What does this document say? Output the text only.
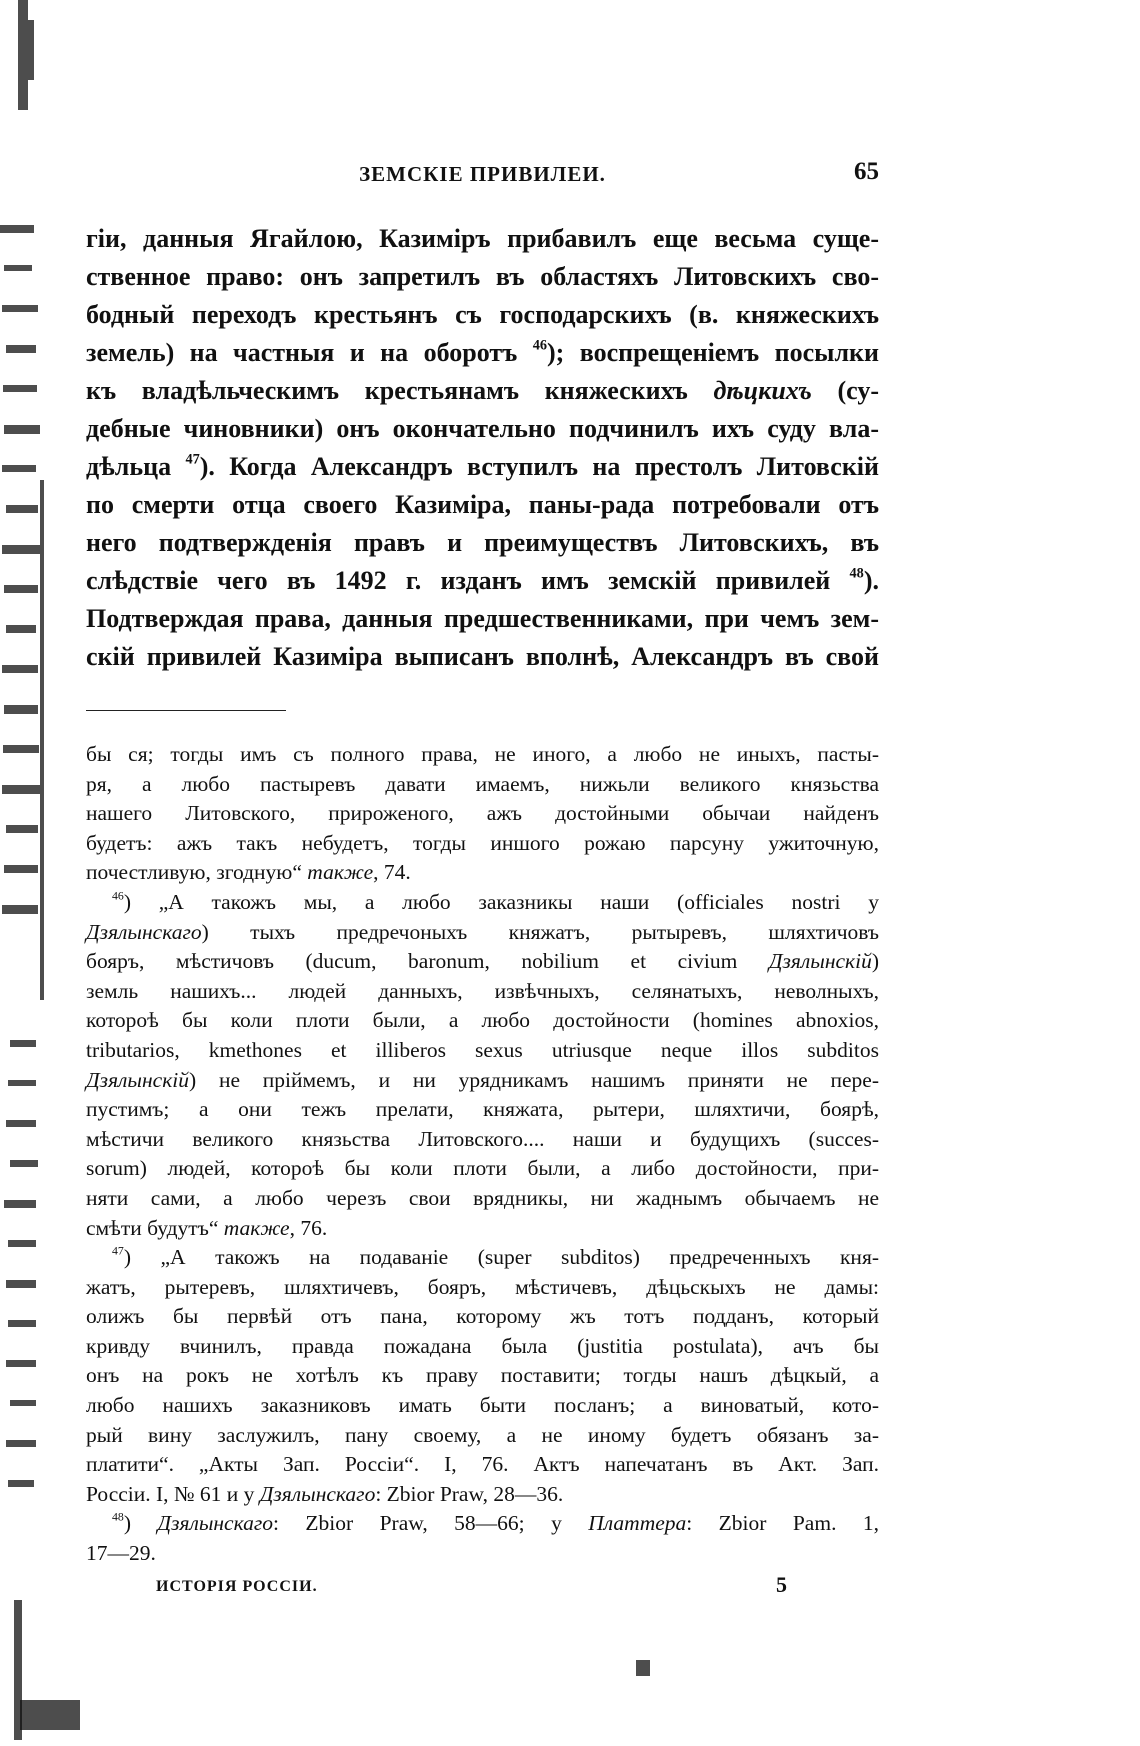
ЗЕМСКІЕ ПРИВИЛЕИ.	65
гіи, данныя Ягайлою, Казиміръ прибавилъ еще весьма суще-
ственное право: онъ запретилъ въ областяхъ Литовскихъ сво-
бодный переходъ крестьянъ съ господарскихъ (в. княжескихъ
земель) на частныя и на оборотъ $^{46}$); воспрещеніемъ посылки
къ владѣльческимъ крестьянамъ княжескихъ дѣцкихъ (су-
дебные чиновники) онъ окончательно подчинилъ ихъ суду вла-
дѣльца $^{47}$). Когда Александръ вступилъ на престолъ Литовскій
по смерти отца своего Казиміра, паны-рада потребовали отъ
него подтвержденія правъ и преимуществъ Литовскихъ, въ
слѣдствіе чего въ 1492 г. изданъ имъ земскій привилей $^{48}$).
Подтверждая права, данныя предшественниками, при чемъ зем-
скій привилей Казиміра выписанъ вполнѣ, Александръ въ свой
бы ся; тогды имъ съ полного права, не иного, а любо не иныхъ, пасты-
ря, а любо пастыревъ давати имаемъ, нижьли великого князьства
нашего Литовского, прироженого, ажъ достойными обычаи найденъ
будетъ: ажъ такъ небудетъ, тогды иншого рожаю парсуну ужиточную,
почестливую, згодную“ также, 74.
$^{46}$) „А такожъ мы, а любо заказникы наши (officiales nostri у
Дзялынскаго) тыхъ предречоныхъ княжатъ, рытыревъ, шляхтичовъ
бояръ, мѣстичовъ (ducum, baronum, nobilium et civium Дзялынскій)
земль нашихъ... людей данныхъ, извѣчныхъ, селянатыхъ, неволныхъ,
котороѣ бы коли плоти были, а любо достойности (homines abnoxios,
tributarios, kmethones et illiberos sexus utriusque neque illos subditos
Дзялынскій) не пріймемъ, и ни урядникамъ нашимъ приняти не пере-
пустимъ; а они тежъ прелати, княжата, рытери, шляхтичи, боярѣ,
мѣстичи великого князьства Литовского.... наши и будущихъ (succes-
sorum) людей, котороѣ бы коли плоти были, а либо достойности, при-
няти сами, а любо черезъ свои врядникы, ни жаднымъ обычаемъ не
смѣти будутъ“ также, 76.
$^{47}$) „А такожъ на подаваніе (super subditos) предреченныхъ кня-
жатъ, рытеревъ, шляхтичевъ, бояръ, мѣстичевъ, дѣцьскыхъ не дамы:
олижъ бы первѣй отъ пана, которому жъ тотъ подданъ, который
кривду вчинилъ, правда пожадана была (justitia postulata), ачъ бы
онъ на рокъ не хотѣлъ къ праву поставити; тогды нашъ дѣцкый, а
любо нашихъ заказниковъ имать быти посланъ; а виноватый, кото-
рый вину заслужилъ, пану своему, а не иному будетъ обязанъ за-
платити“. „Акты Зап. Россіи“. I, 76. Актъ напечатанъ въ Акт. Зап.
Россіи. I, № 61 и у Дзялынскаго: Zbior Praw, 28—36.
$^{48}$) Дзялынскаго: Zbior Praw, 58—66; у Платтера: Zbior Pam. 1,
17—29.
ИСТОРІЯ РОССІИ.	5
